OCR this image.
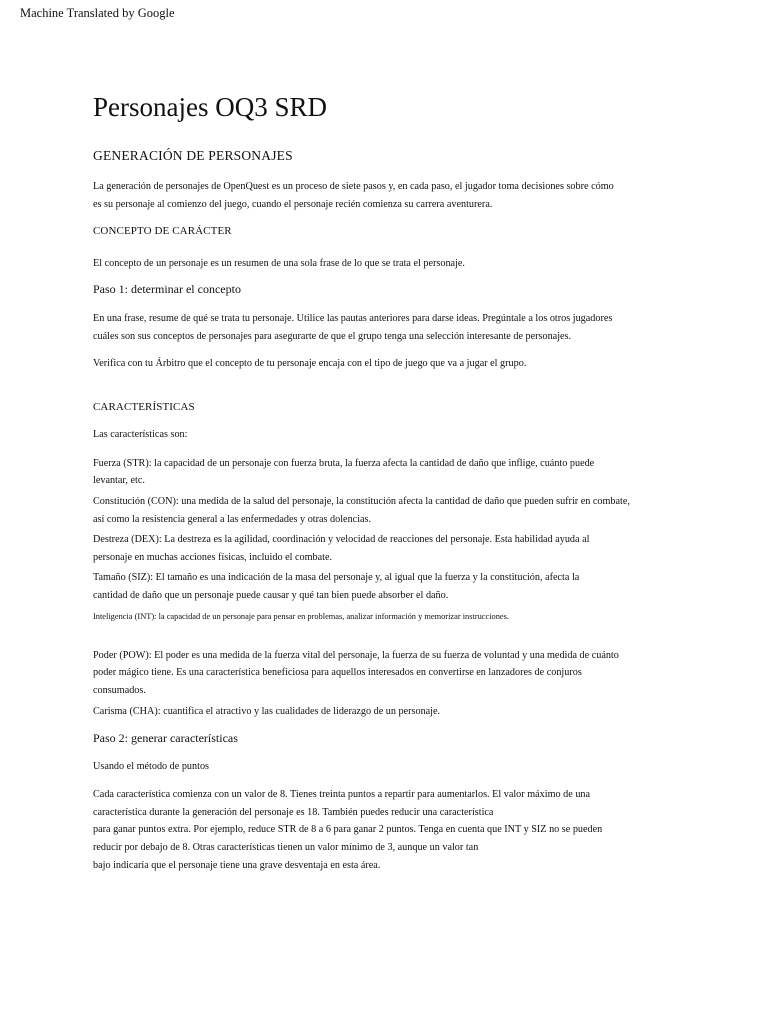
Machine Translated by Google
Personajes OQ3 SRD
GENERACIÓN DE PERSONAJES
La generación de personajes de OpenQuest es un proceso de siete pasos y, en cada paso, el jugador toma decisiones sobre cómo
es su personaje al comienzo del juego, cuando el personaje recién comienza su carrera aventurera.
CONCEPTO DE CARÁCTER
El concepto de un personaje es un resumen de una sola frase de lo que se trata el personaje.
Paso 1: determinar el concepto
En una frase, resume de qué se trata tu personaje. Utilice las pautas anteriores para darse ideas. Pregúntale a los otros jugadores
cuáles son sus conceptos de personajes para asegurarte de que el grupo tenga una selección interesante de personajes.
Verifica con tu Árbitro que el concepto de tu personaje encaja con el tipo de juego que va a jugar el grupo.
CARACTERÍSTICAS
Las características son:
Fuerza (STR): la capacidad de un personaje con fuerza bruta, la fuerza afecta la cantidad de daño que inflige, cuánto puede
levantar, etc.
Constitución (CON): una medida de la salud del personaje, la constitución afecta la cantidad de daño que pueden sufrir en combate,
así como la resistencia general a las enfermedades y otras dolencias.
Destreza (DEX): La destreza es la agilidad, coordinación y velocidad de reacciones del personaje. Esta habilidad ayuda al
personaje en muchas acciones físicas, incluido el combate.
Tamaño (SIZ): El tamaño es una indicación de la masa del personaje y, al igual que la fuerza y la constitución, afecta la
cantidad de daño que un personaje puede causar y qué tan bien puede absorber el daño.
Inteligencia (INT): la capacidad de un personaje para pensar en problemas, analizar información y memorizar instrucciones.
Poder (POW): El poder es una medida de la fuerza vital del personaje, la fuerza de su fuerza de voluntad y una medida de cuánto
poder mágico tiene. Es una característica beneficiosa para aquellos interesados en convertirse en lanzadores de conjuros
consumados.
Carisma (CHA): cuantifica el atractivo y las cualidades de liderazgo de un personaje.
Paso 2: generar características
Usando el método de puntos
Cada característica comienza con un valor de 8. Tienes treinta puntos a repartir para aumentarlos. El valor máximo de una
característica durante la generación del personaje es 18. También puedes reducir una característica
para ganar puntos extra. Por ejemplo, reduce STR de 8 a 6 para ganar 2 puntos. Tenga en cuenta que INT y SIZ no se pueden
reducir por debajo de 8. Otras características tienen un valor mínimo de 3, aunque un valor tan
bajo indicaría que el personaje tiene una grave desventaja en esta área.
